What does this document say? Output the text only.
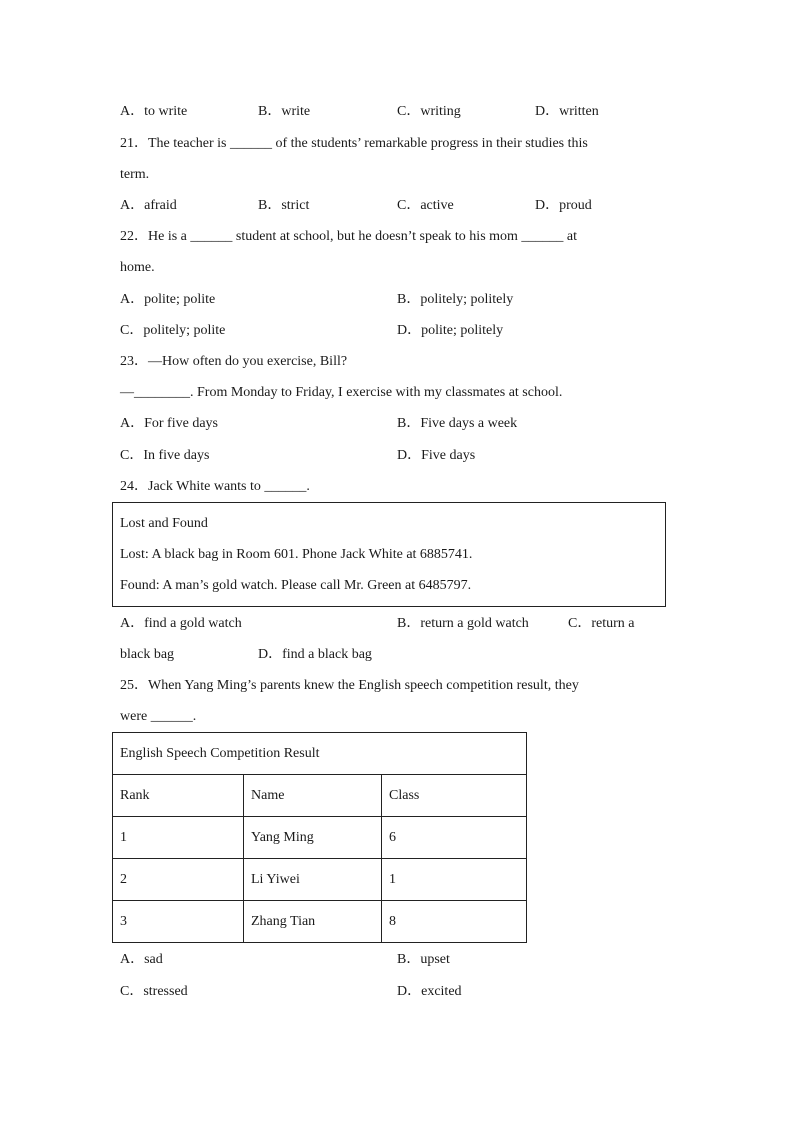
A．to write	B．write	C．writing	D．written
21．The teacher is ______ of the students’ remarkable progress in their studies this
term.
A．afraid	B．strict	C．active	D．proud
22．He is a ______ student at school, but he doesn’t speak to his mom ______ at
home.
A．polite; polite	B．politely; politely
C．politely; polite	D．polite; politely
23．—How often do you exercise, Bill?
—________. From Monday to Friday, I exercise with my classmates at school.
A．For five days	B．Five days a week
C．In five days	D．Five days
24．Jack White wants to ______.
Lost and Found
Lost: A black bag in Room 601. Phone Jack White at 6885741.
Found: A man’s gold watch. Please call Mr. Green at 6485797.
A．find a gold watch	B．return a gold watch	C．return a
black bag	D．find a black bag
25．When Yang Ming’s parents knew the English speech competition result, they
were ______.
English Speech Competition Result		
Rank	Name	Class
1	Yang Ming	6
2	Li Yiwei	1
3	Zhang Tian	8
A．sad	B．upset
C．stressed	D．excited
